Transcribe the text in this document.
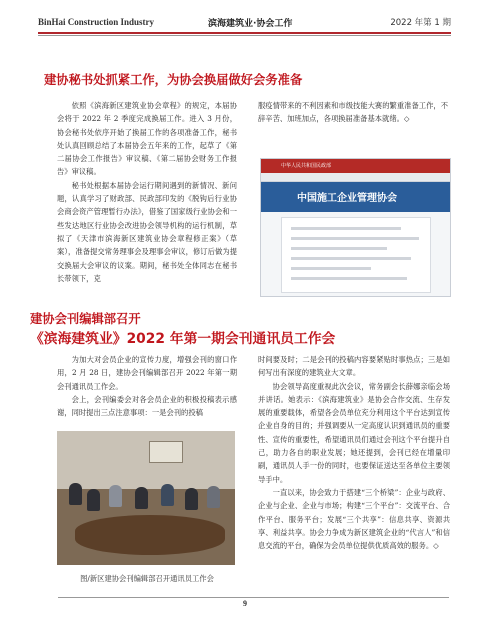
BinHai Construction Industry	滨海建筑业·协会工作	2022 年第 1 期
建协秘书处抓紧工作，为协会换届做好会务准备

依照《滨海新区建筑业协会章程》的规定，本届协会将于 2022 年 2 季度完成换届工作。进入 3 月份，协会秘书处依序开始了换届工作的各项准备工作，秘书处认真回顾总结了本届协会五年来的工作，起草了《第二届协会工作报告》审议稿、《第二届协会财务工作报告》审议稿。

秘书处根据本届协会运行期间遇到的新情况、新问题，认真学习了财政部、民政部印发的《脱钩后行业协会商会资产管理暂行办法》，借鉴了国家级行业协会和一些发达地区行业协会改进协会领导机构的运行机制，草拟了《天津市滨海新区建筑业协会章程修正案》（草案），准备提交常务理事会及理事会审议，修订后做为提交换届大会审议的议案。期间，秘书处全体同志在秘书长带领下，克

服疫情带来的不利因素和市级技能大赛的繁重准备工作，不辞辛苦、加班加点，各项换届准备基本就绪。◇

中华人民共和国民政部
中国施工企业管理协会
建协会刊编辑部召开
《滨海建筑业》2022 年第一期会刊通讯员工作会

为加大对会员企业的宣传力度，增强会刊的窗口作用，2 月 28 日，建协会刊编辑部召开 2022 年第一期会刊通讯员工作会。

会上，会刊编委会对各会员企业的积极投稿表示感谢，同时提出三点注意事项：一是会刊的投稿

时间要及时；二是会刊的投稿内容要紧贴时事热点；三是如何写出有深度的建筑业大文章。

协会领导高度重视此次会议，常务副会长薛娜亲临会场并讲话。她表示：《滨海建筑业》是协会合作交流、生存发展的重要载体，希望各会员单位充分利用这个平台达到宣传企业自身的目的；并强调要从一定高度认识到通讯员的重要性、宣传的重要性，希望通讯员们通过会刊这个平台提升自己，助力各自的职业发展；她还提到，会刊已经在增量印刷，通讯员人手一份的同时，也要保证送达至各单位主要领导手中。

一直以来，协会致力于搭建“三个桥梁”：企业与政府、企业与企业、企业与市场；构建“三个平台”：交流平台、合作平台、服务平台；发展“三个共享”：信息共享、资源共享、利益共享。协会力争成为新区建筑企业的“代言人”和信息交流的平台，确保为会员单位提供优质高效的服务。◇

图/新区建协会刊编辑部召开通讯员工作会
9
